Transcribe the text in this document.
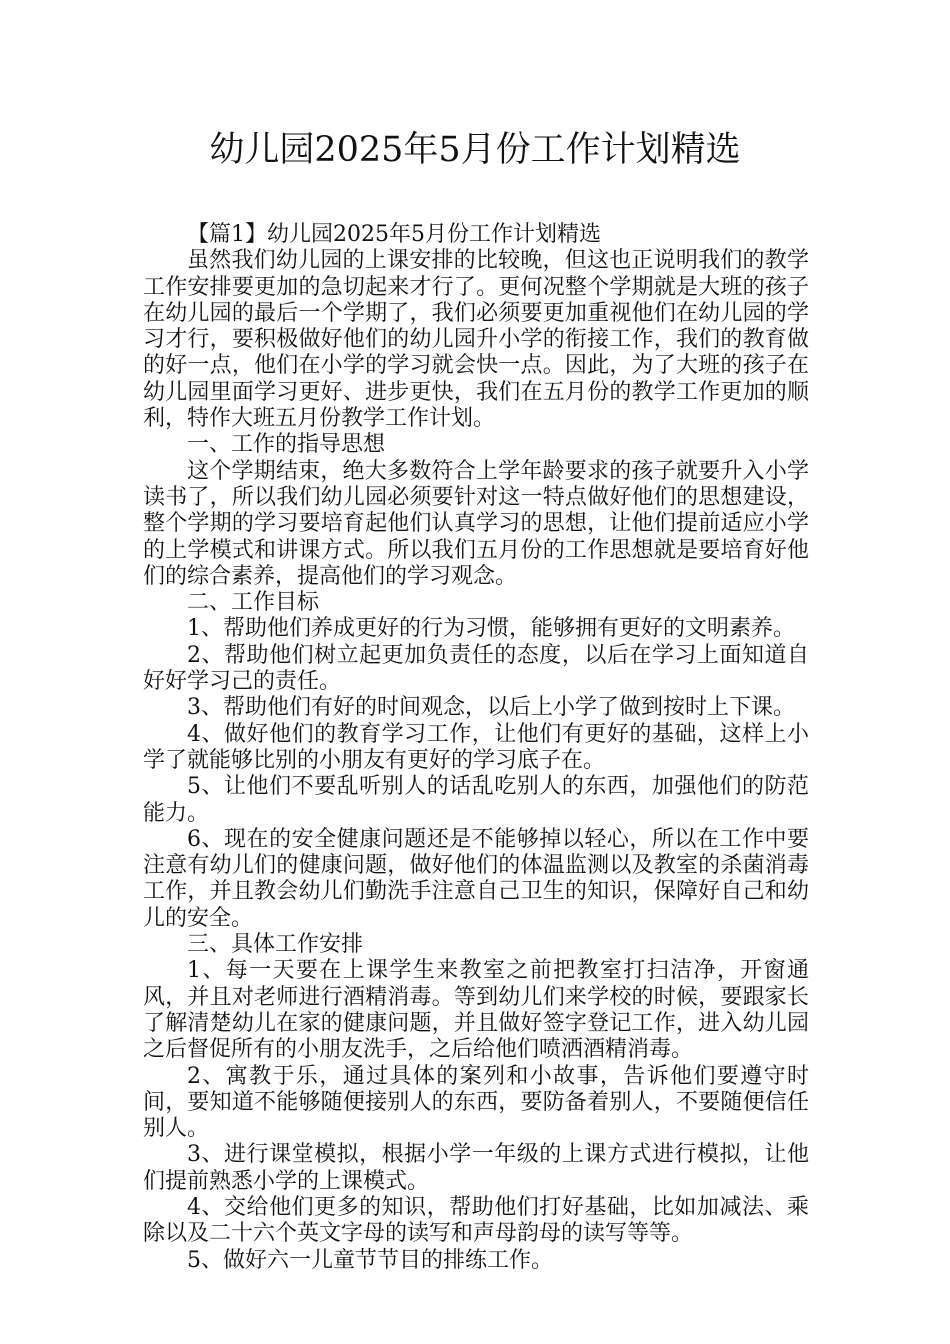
幼儿园2025年5月份工作计划精选

【篇1】幼儿园2025年5月份工作计划精选

虽然我们幼儿园的上课安排的比较晚，但这也正说明我们的教学工作安排要更加的急切起来才行了。更何况整个学期就是大班的孩子在幼儿园的最后一个学期了，我们必须要更加重视他们在幼儿园的学习才行，要积极做好他们的幼儿园升小学的衔接工作，我们的教育做的好一点，他们在小学的学习就会快一点。因此，为了大班的孩子在幼儿园里面学习更好、进步更快，我们在五月份的教学工作更加的顺利，特作大班五月份教学工作计划。

一、工作的指导思想

这个学期结束，绝大多数符合上学年龄要求的孩子就要升入小学读书了，所以我们幼儿园必须要针对这一特点做好他们的思想建设，整个学期的学习要培育起他们认真学习的思想，让他们提前适应小学的上学模式和讲课方式。所以我们五月份的工作思想就是要培育好他们的综合素养，提高他们的学习观念。

二、工作目标

1、帮助他们养成更好的行为习惯，能够拥有更好的文明素养。

2、帮助他们树立起更加负责任的态度，以后在学习上面知道自好好学习己的责任。

3、帮助他们有好的时间观念，以后上小学了做到按时上下课。

4、做好他们的教育学习工作，让他们有更好的基础，这样上小学了就能够比别的小朋友有更好的学习底子在。

5、让他们不要乱听别人的话乱吃别人的东西，加强他们的防范能力。

6、现在的安全健康问题还是不能够掉以轻心，所以在工作中要注意有幼儿们的健康问题，做好他们的体温监测以及教室的杀菌消毒工作，并且教会幼儿们勤洗手注意自己卫生的知识，保障好自己和幼儿的安全。

三、具体工作安排

1、每一天要在上课学生来教室之前把教室打扫洁净，开窗通风，并且对老师进行酒精消毒。等到幼儿们来学校的时候，要跟家长了解清楚幼儿在家的健康问题，并且做好签字登记工作，进入幼儿园之后督促所有的小朋友洗手，之后给他们喷洒酒精消毒。

2、寓教于乐，通过具体的案列和小故事，告诉他们要遵守时间，要知道不能够随便接别人的东西，要防备着别人，不要随便信任别人。

3、进行课堂模拟，根据小学一年级的上课方式进行模拟，让他们提前熟悉小学的上课模式。

4、交给他们更多的知识，帮助他们打好基础，比如加减法、乘除以及二十六个英文字母的读写和声母韵母的读写等等。

5、做好六一儿童节节目的排练工作。
